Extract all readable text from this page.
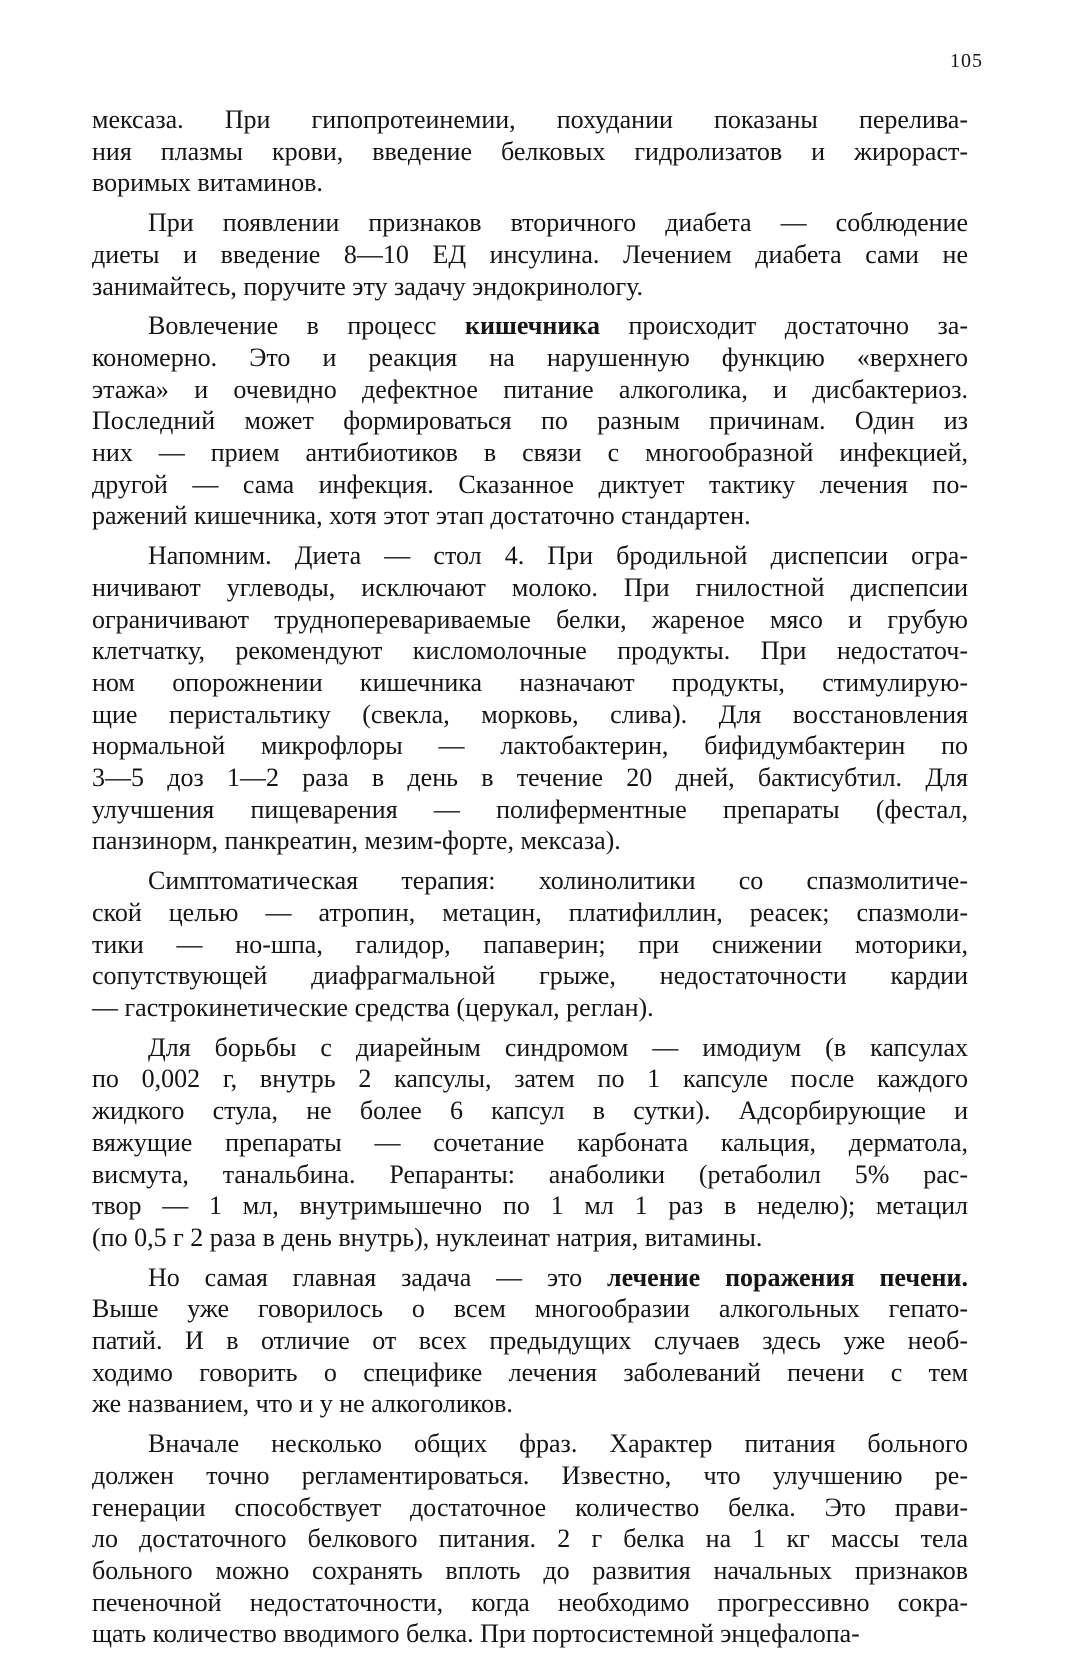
105
мексаза. При гипопротеинемии, похудании показаны перелива-
ния плазмы крови, введение белковых гидролизатов и жирораст-
воримых витаминов.
При появлении признаков вторичного диабета — соблюдение
диеты и введение 8—10 ЕД инсулина. Лечением диабета сами не
занимайтесь, поручите эту задачу эндокринологу.
Вовлечение в процесс кишечника происходит достаточно за-
кономерно. Это и реакция на нарушенную функцию «верхнего
этажа» и очевидно дефектное питание алкоголика, и дисбактериоз.
Последний может формироваться по разным причинам. Один из
них — прием антибиотиков в связи с многообразной инфекцией,
другой — сама инфекция. Сказанное диктует тактику лечения по-
ражений кишечника, хотя этот этап достаточно стандартен.
Напомним. Диета — стол 4. При бродильной диспепсии огра-
ничивают углеводы, исключают молоко. При гнилостной диспепсии
ограничивают трудноперевариваемые белки, жареное мясо и грубую
клетчатку, рекомендуют кисломолочные продукты. При недостаточ-
ном опорожнении кишечника назначают продукты, стимулирую-
щие перистальтику (свекла, морковь, слива). Для восстановления
нормальной микрофлоры — лактобактерин, бифидумбактерин по
3—5 доз 1—2 раза в день в течение 20 дней, бактисубтил. Для
улучшения пищеварения — полиферментные препараты (фестал,
панзинорм, панкреатин, мезим-форте, мексаза).
Симптоматическая терапия: холинолитики со спазмолитиче-
ской целью — атропин, метацин, платифиллин, реасек; спазмоли-
тики — но-шпа, галидор, папаверин; при снижении моторики,
сопутствующей диафрагмальной грыже, недостаточности кардии
— гастрокинетические средства (церукал, реглан).
Для борьбы с диарейным синдромом — имодиум (в капсулах
по 0,002 г, внутрь 2 капсулы, затем по 1 капсуле после каждого
жидкого стула, не более 6 капсул в сутки). Адсорбирующие и
вяжущие препараты — сочетание карбоната кальция, дерматола,
висмута, танальбина. Репаранты: анаболики (ретаболил 5% рас-
твор — 1 мл, внутримышечно по 1 мл 1 раз в неделю); метацил
(по 0,5 г 2 раза в день внутрь), нуклеинат натрия, витамины.
Но самая главная задача — это лечение поражения печени.
Выше уже говорилось о всем многообразии алкогольных гепато-
патий. И в отличие от всех предыдущих случаев здесь уже необ-
ходимо говорить о специфике лечения заболеваний печени с тем
же названием, что и у не алкоголиков.
Вначале несколько общих фраз. Характер питания больного
должен точно регламентироваться. Известно, что улучшению ре-
генерации способствует достаточное количество белка. Это прави-
ло достаточного белкового питания. 2 г белка на 1 кг массы тела
больного можно сохранять вплоть до развития начальных признаков
печеночной недостаточности, когда необходимо прогрессивно сокра-
щать количество вводимого белка. При портосистемной энцефалопа-
